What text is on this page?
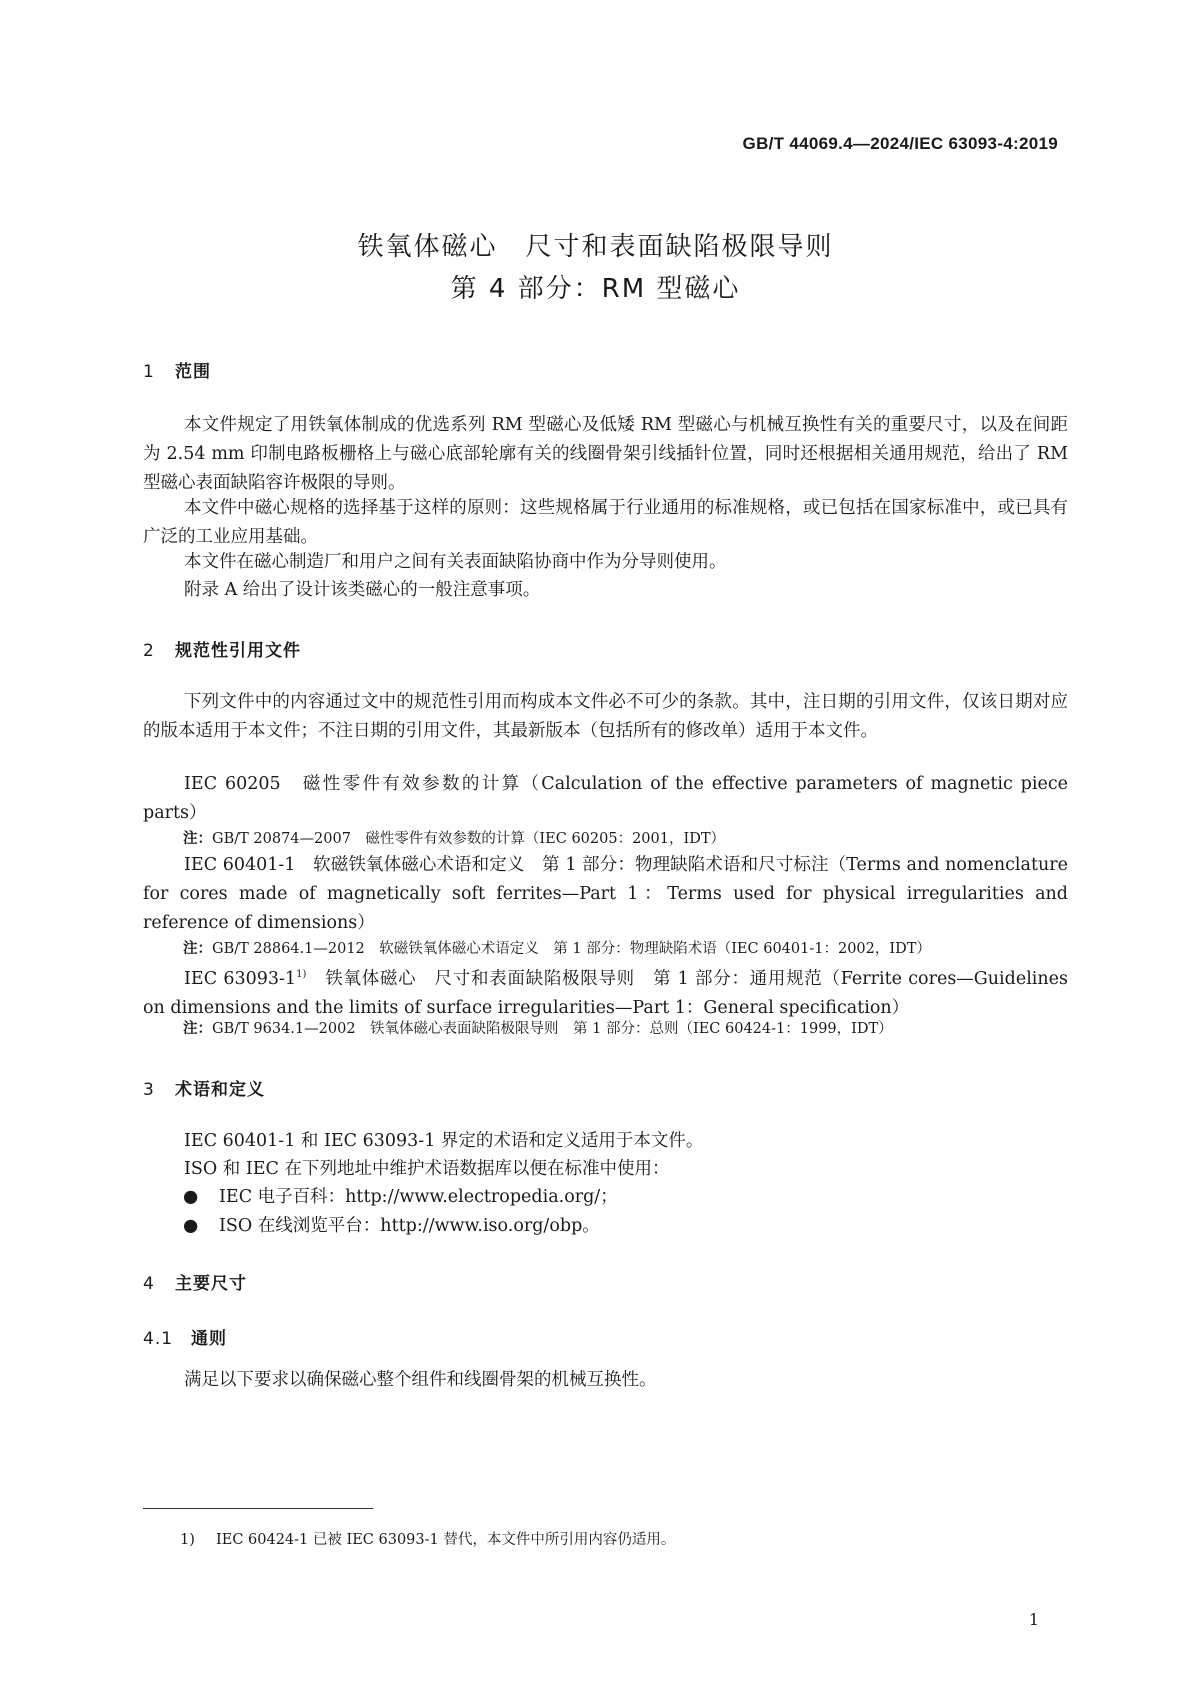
GB/T 44069.4—2024/IEC 63093-4:2019
铁氧体磁心　尺寸和表面缺陷极限导则
第 4 部分：RM 型磁心
1 范围
本文件规定了用铁氧体制成的优选系列 RM 型磁心及低矮 RM 型磁心与机械互换性有关的重要尺寸，以及在间距为 2.54 mm 印制电路板栅格上与磁心底部轮廓有关的线圈骨架引线插针位置，同时还根据相关通用规范，给出了 RM 型磁心表面缺陷容许极限的导则。
本文件中磁心规格的选择基于这样的原则：这些规格属于行业通用的标准规格，或已包括在国家标准中，或已具有广泛的工业应用基础。
本文件在磁心制造厂和用户之间有关表面缺陷协商中作为分导则使用。
附录 A 给出了设计该类磁心的一般注意事项。
2 规范性引用文件
下列文件中的内容通过文中的规范性引用而构成本文件必不可少的条款。其中，注日期的引用文件，仅该日期对应的版本适用于本文件；不注日期的引用文件，其最新版本（包括所有的修改单）适用于本文件。
IEC 60205　磁性零件有效参数的计算（Calculation of the effective parameters of magnetic piece parts）
注：GB/T 20874—2007　磁性零件有效参数的计算（IEC 60205：2001，IDT）
IEC 60401-1　软磁铁氧体磁心术语和定义　第 1 部分：物理缺陷术语和尺寸标注（Terms and nomenclature for cores made of magnetically soft ferrites—Part 1：Terms used for physical irregularities and reference of dimensions）
注：GB/T 28864.1—2012　软磁铁氧体磁心术语定义　第 1 部分：物理缺陷术语（IEC 60401-1：2002，IDT）
IEC 63093-1$^{1)}$　铁氧体磁心　尺寸和表面缺陷极限导则　第 1 部分：通用规范（Ferrite cores—Guidelines on dimensions and the limits of surface irregularities—Part 1：General specification）
注：GB/T 9634.1—2002　铁氧体磁心表面缺陷极限导则　第 1 部分：总则（IEC 60424-1：1999，IDT）
3 术语和定义
IEC 60401-1 和 IEC 63093-1 界定的术语和定义适用于本文件。
ISO 和 IEC 在下列地址中维护术语数据库以便在标准中使用：
● IEC 电子百科：http://www.electropedia.org/；
● ISO 在线浏览平台：http://www.iso.org/obp。
4 主要尺寸
4.1 通则
满足以下要求以确保磁心整个组件和线圈骨架的机械互换性。
1) IEC 60424-1 已被 IEC 63093-1 替代，本文件中所引用内容仍适用。
1
